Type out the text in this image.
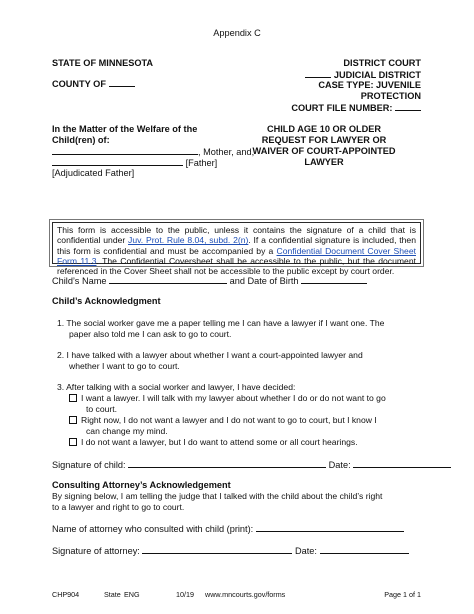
Appendix C
STATE OF MINNESOTA
COUNTY OF
DISTRICT COURT
JUDICIAL DISTRICT
CASE TYPE: JUVENILE
PROTECTION
COURT FILE NUMBER:
In the Matter of the Welfare of the
Child(ren) of:
, Mother, and,
[Father]
[Adjudicated Father]
CHILD AGE 10 OR OLDER
REQUEST FOR LAWYER OR
WAIVER OF COURT-APPOINTED
LAWYER

This form is accessible to the public, unless it contains the signature of a child that is confidential under Juv. Prot. Rule 8.04, subd. 2(n). If a confidential signature is included, then this form is confidential and must be accompanied by a Confidential Document Cover Sheet Form 11.3. The Confidential Coversheet shall be accessible to the public, but the document referenced in the Cover Sheet shall not be accessible to the public except by court order.

Child’s Name	and Date of Birth
Child’s Acknowledgment
1. The social worker gave me a paper telling me I can have a lawyer if I want one. The
paper also told me I can ask to go to court.
2. I have talked with a lawyer about whether I want a court-appointed lawyer and
whether I want to go to court.
3. After talking with a social worker and lawyer, I have decided:
I want a lawyer. I will talk with my lawyer about whether I do or do not want to go
to court.
Right now, I do not want a lawyer and I do not want to go to court, but I know I
can change my mind.
I do not want a lawyer, but I do want to attend some or all court hearings.
Signature of child:	Date:
Consulting Attorney’s Acknowledgement
By signing below, I am telling the judge that I talked with the child about the child’s right
to a lawyer and right to go to court.
Name of attorney who consulted with child (print):
Signature of attorney:	Date:
CHP904	State ENG	10/19 www.mncourts.gov/forms	Page 1 of 1
